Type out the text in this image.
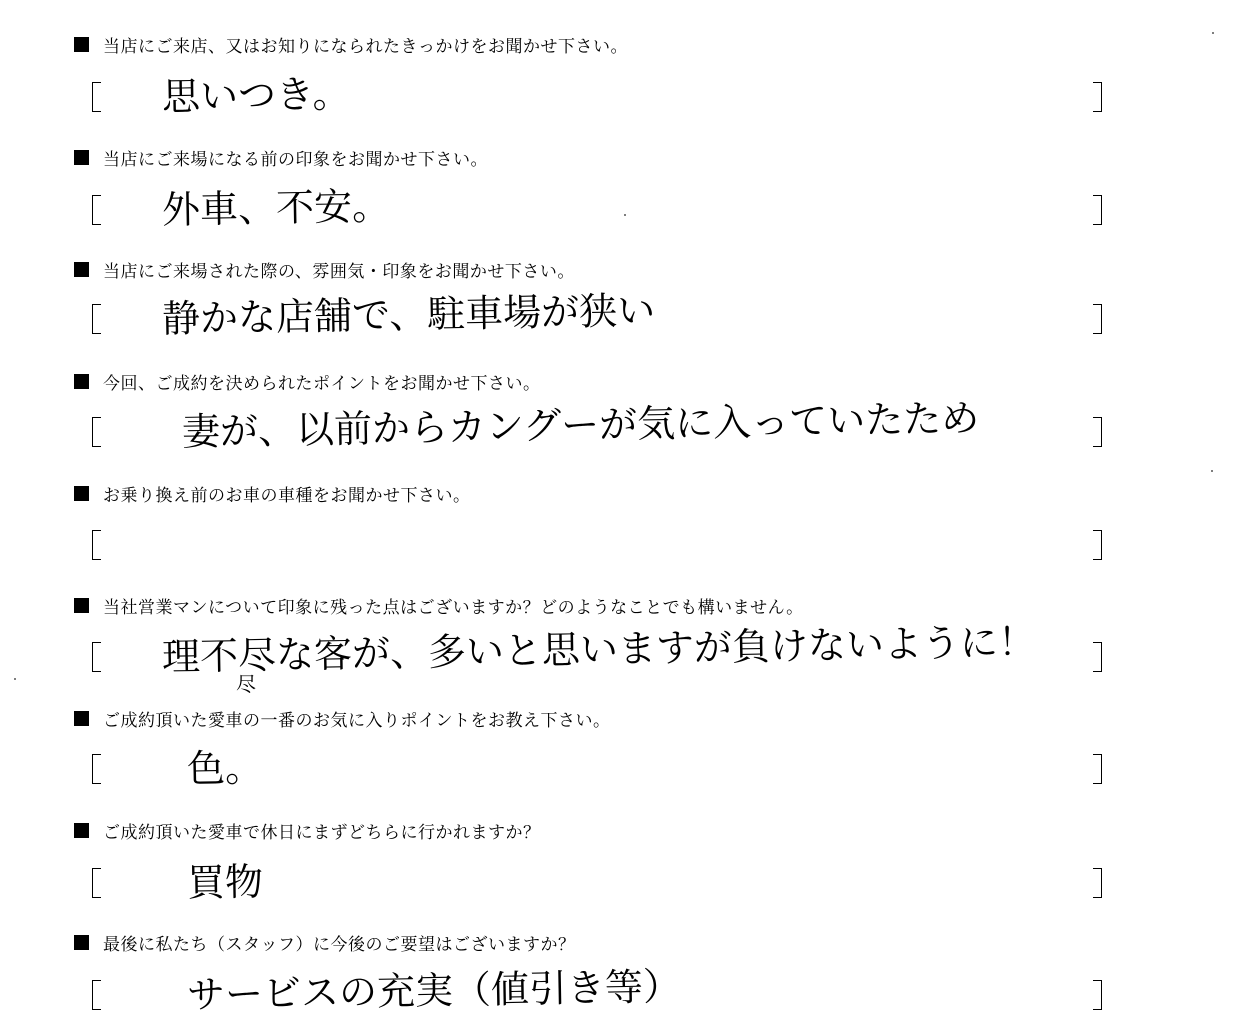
当店にご来店、又はお知りになられたきっかけをお聞かせ下さい。
思いつき。
当店にご来場になる前の印象をお聞かせ下さい。
外車、不安。
当店にご来場された際の、雰囲気・印象をお聞かせ下さい。
静かな店舗で、駐車場が狭い
今回、ご成約を決められたポイントをお聞かせ下さい。
妻が、以前からカングーが気に入っていたため
お乗り換え前のお車の車種をお聞かせ下さい。
当社営業マンについて印象に残った点はございますか？どのようなことでも構いません。
理不尽な客が、多いと思いますが負けないように！
尽
ご成約頂いた愛車の一番のお気に入りポイントをお教え下さい。
色。
ご成約頂いた愛車で休日にまずどちらに行かれますか？
買物
最後に私たち（スタッフ）に今後のご要望はございますか？
サービスの充実（値引き等）
